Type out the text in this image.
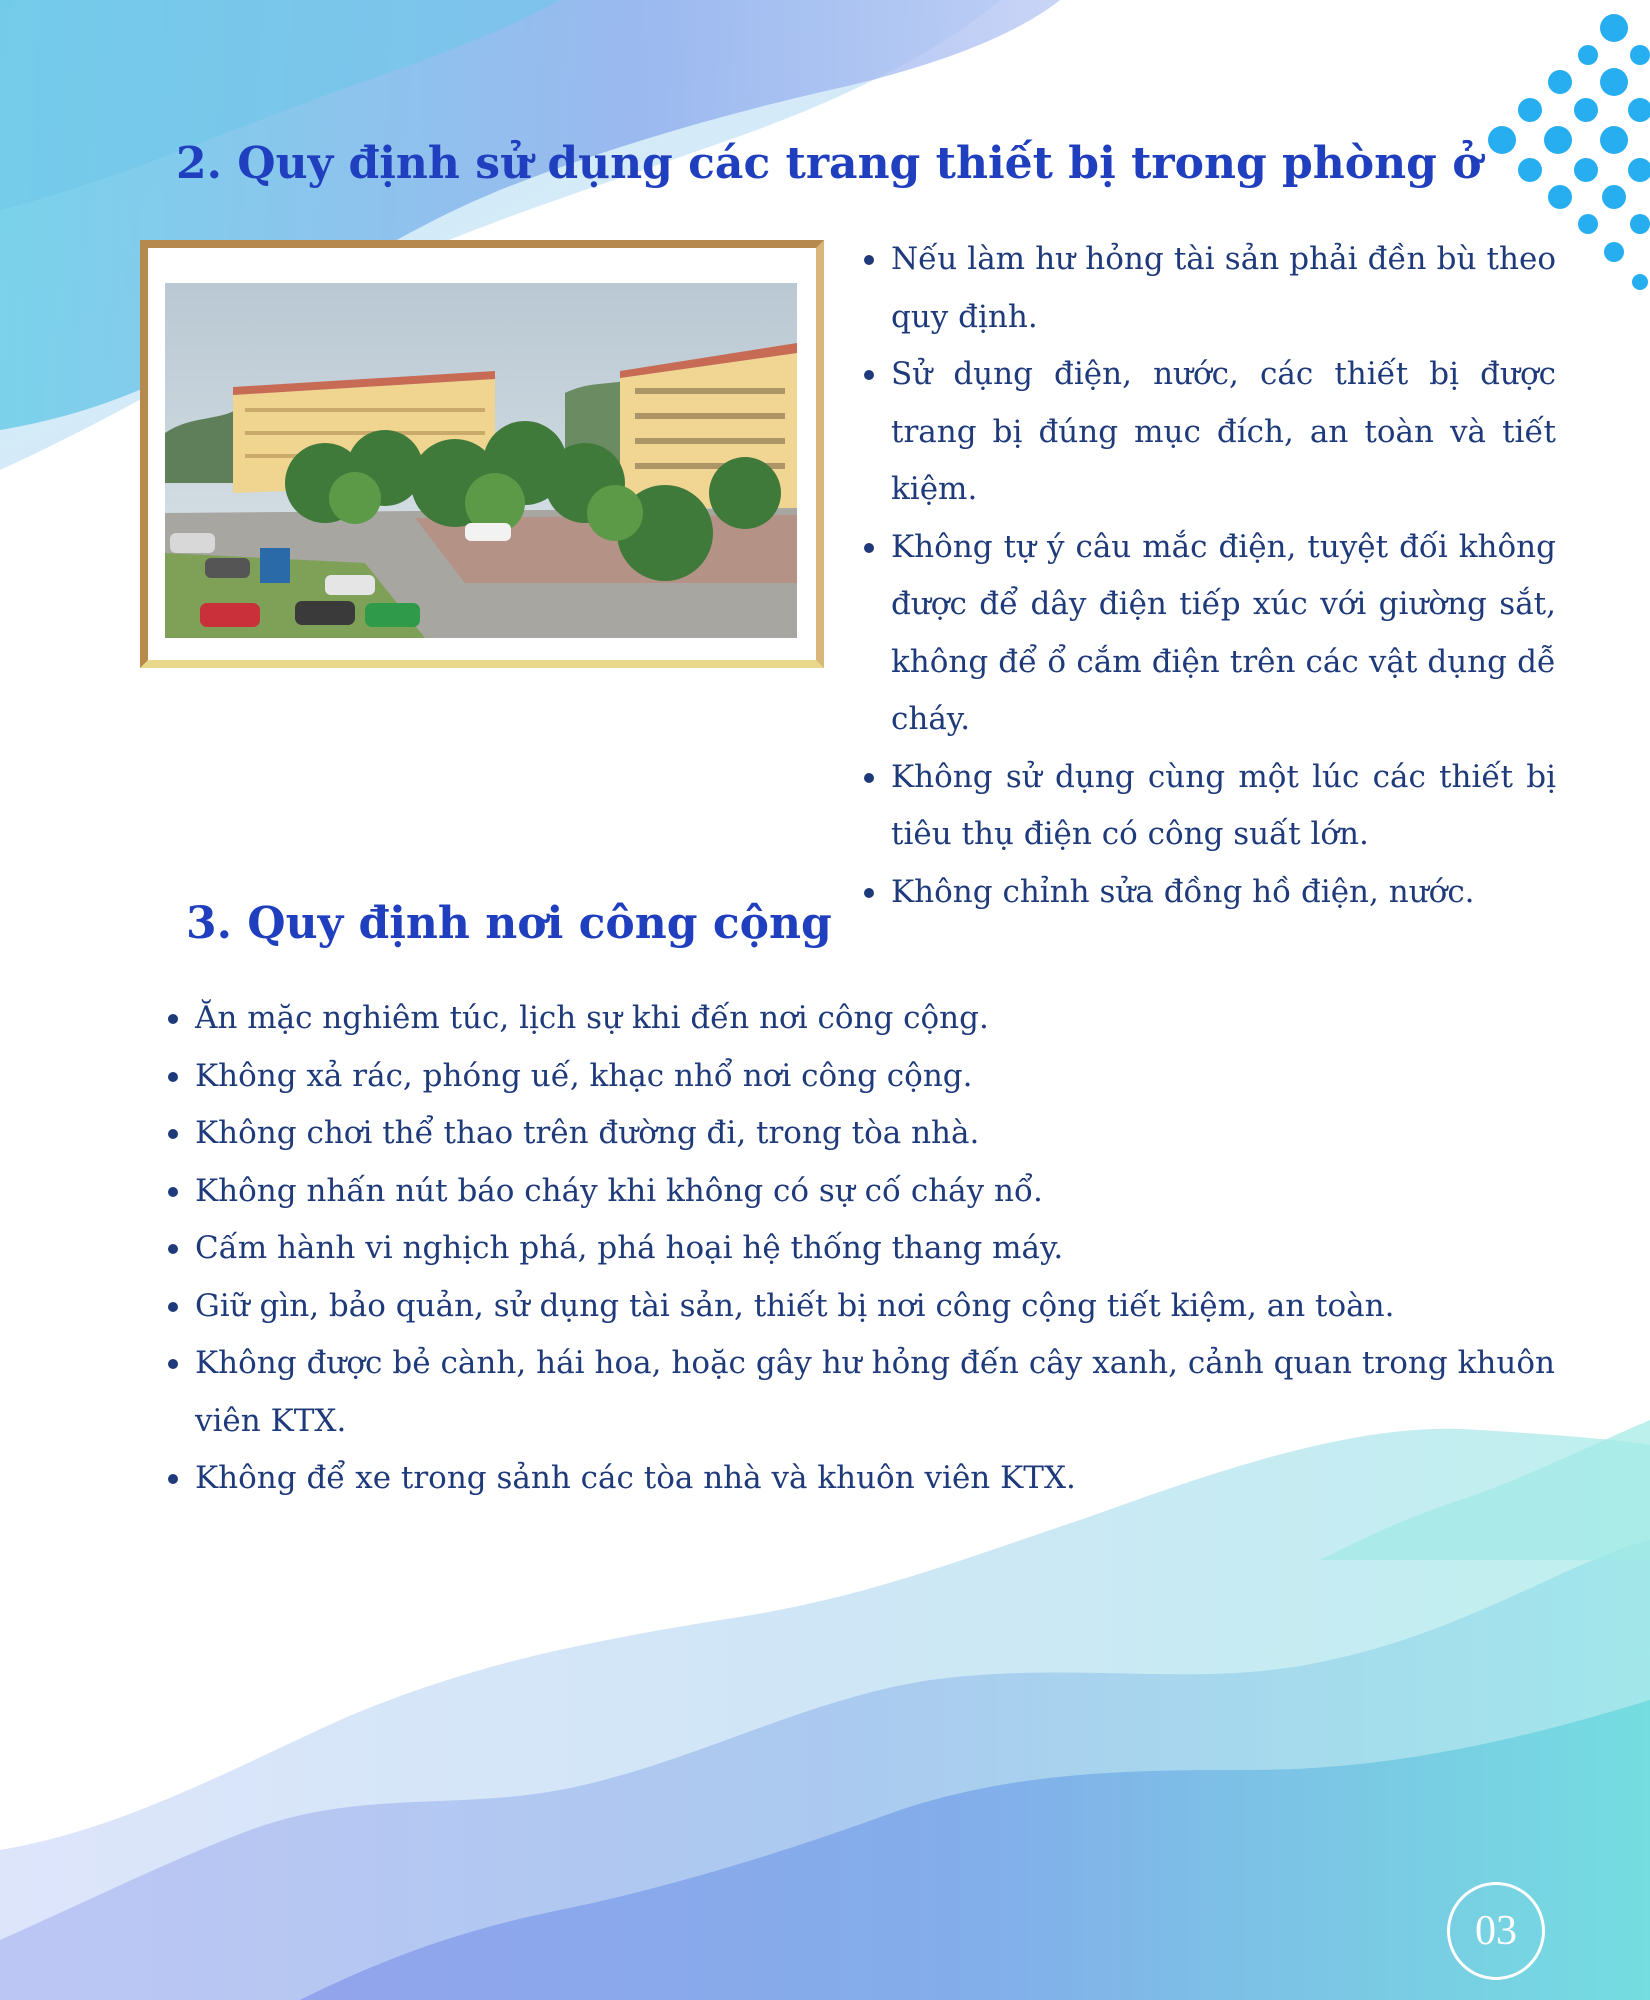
2. Quy định sử dụng các trang thiết bị trong phòng ở
Nếu làm hư hỏng tài sản phải đền bù theo quy định.
Sử dụng điện, nước, các thiết bị được trang bị đúng mục đích, an toàn và tiết kiệm.
Không tự ý câu mắc điện, tuyệt đối không được để dây điện tiếp xúc với giường sắt, không để ổ cắm điện trên các vật dụng dễ cháy.
Không sử dụng cùng một lúc các thiết bị tiêu thụ điện có công suất lớn.
Không chỉnh sửa đồng hồ điện, nước.
3. Quy định nơi công cộng
Ăn mặc nghiêm túc, lịch sự khi đến nơi công cộng.
Không xả rác, phóng uế, khạc nhổ nơi công cộng.
Không chơi thể thao trên đường đi, trong tòa nhà.
Không nhấn nút báo cháy khi không có sự cố cháy nổ.
Cấm hành vi nghịch phá, phá hoại hệ thống thang máy.
Giữ gìn, bảo quản, sử dụng tài sản, thiết bị nơi công cộng tiết kiệm, an toàn.
Không được bẻ cành, hái hoa, hoặc gây hư hỏng đến cây xanh, cảnh quan trong khuôn viên KTX.
Không để xe trong sảnh các tòa nhà và khuôn viên KTX.
03
